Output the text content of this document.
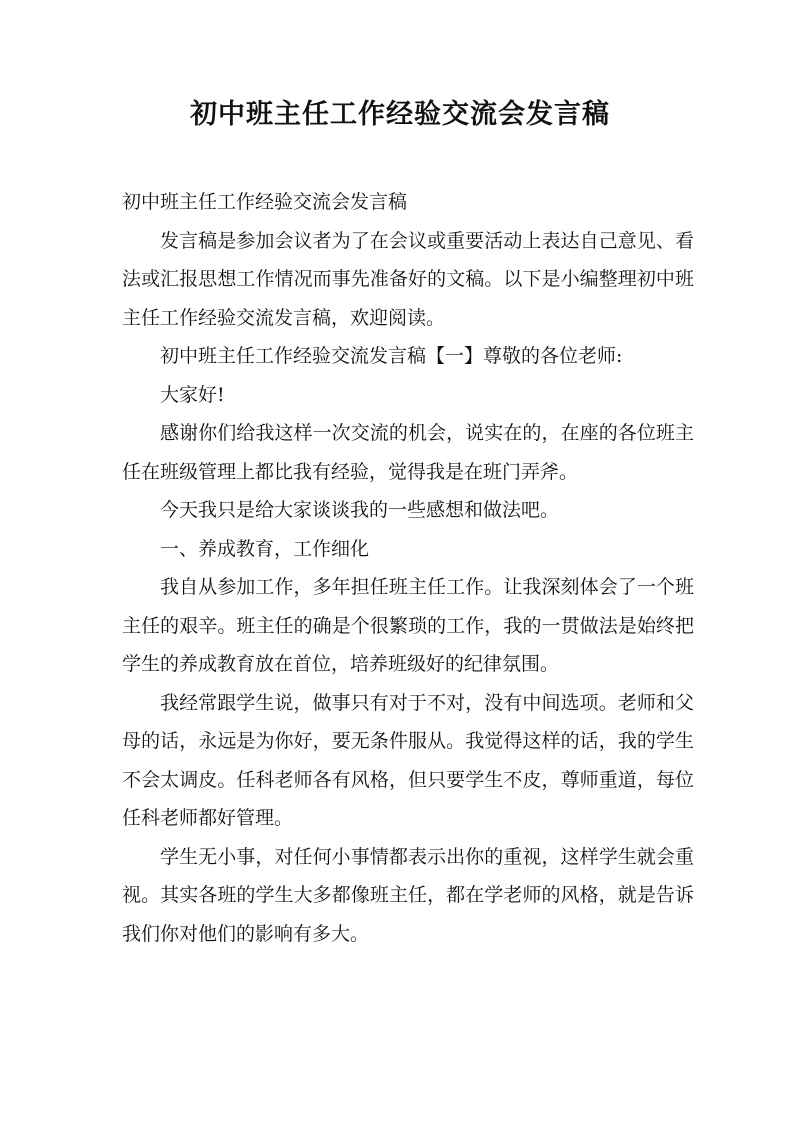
初中班主任工作经验交流会发言稿

初中班主任工作经验交流会发言稿

发言稿是参加会议者为了在会议或重要活动上表达自己意见、看法或汇报思想工作情况而事先准备好的文稿。以下是小编整理初中班主任工作经验交流发言稿，欢迎阅读。

初中班主任工作经验交流发言稿【一】尊敬的各位老师:

大家好!

感谢你们给我这样一次交流的机会，说实在的，在座的各位班主任在班级管理上都比我有经验，觉得我是在班门弄斧。

今天我只是给大家谈谈我的一些感想和做法吧。

一、养成教育，工作细化

我自从参加工作，多年担任班主任工作。让我深刻体会了一个班主任的艰辛。班主任的确是个很繁琐的工作，我的一贯做法是始终把学生的养成教育放在首位，培养班级好的纪律氛围。

我经常跟学生说，做事只有对于不对，没有中间选项。老师和父母的话，永远是为你好，要无条件服从。我觉得这样的话，我的学生不会太调皮。任科老师各有风格，但只要学生不皮，尊师重道，每位任科老师都好管理。

学生无小事，对任何小事情都表示出你的重视，这样学生就会重视。其实各班的学生大多都像班主任，都在学老师的风格，就是告诉我们你对他们的影响有多大。
